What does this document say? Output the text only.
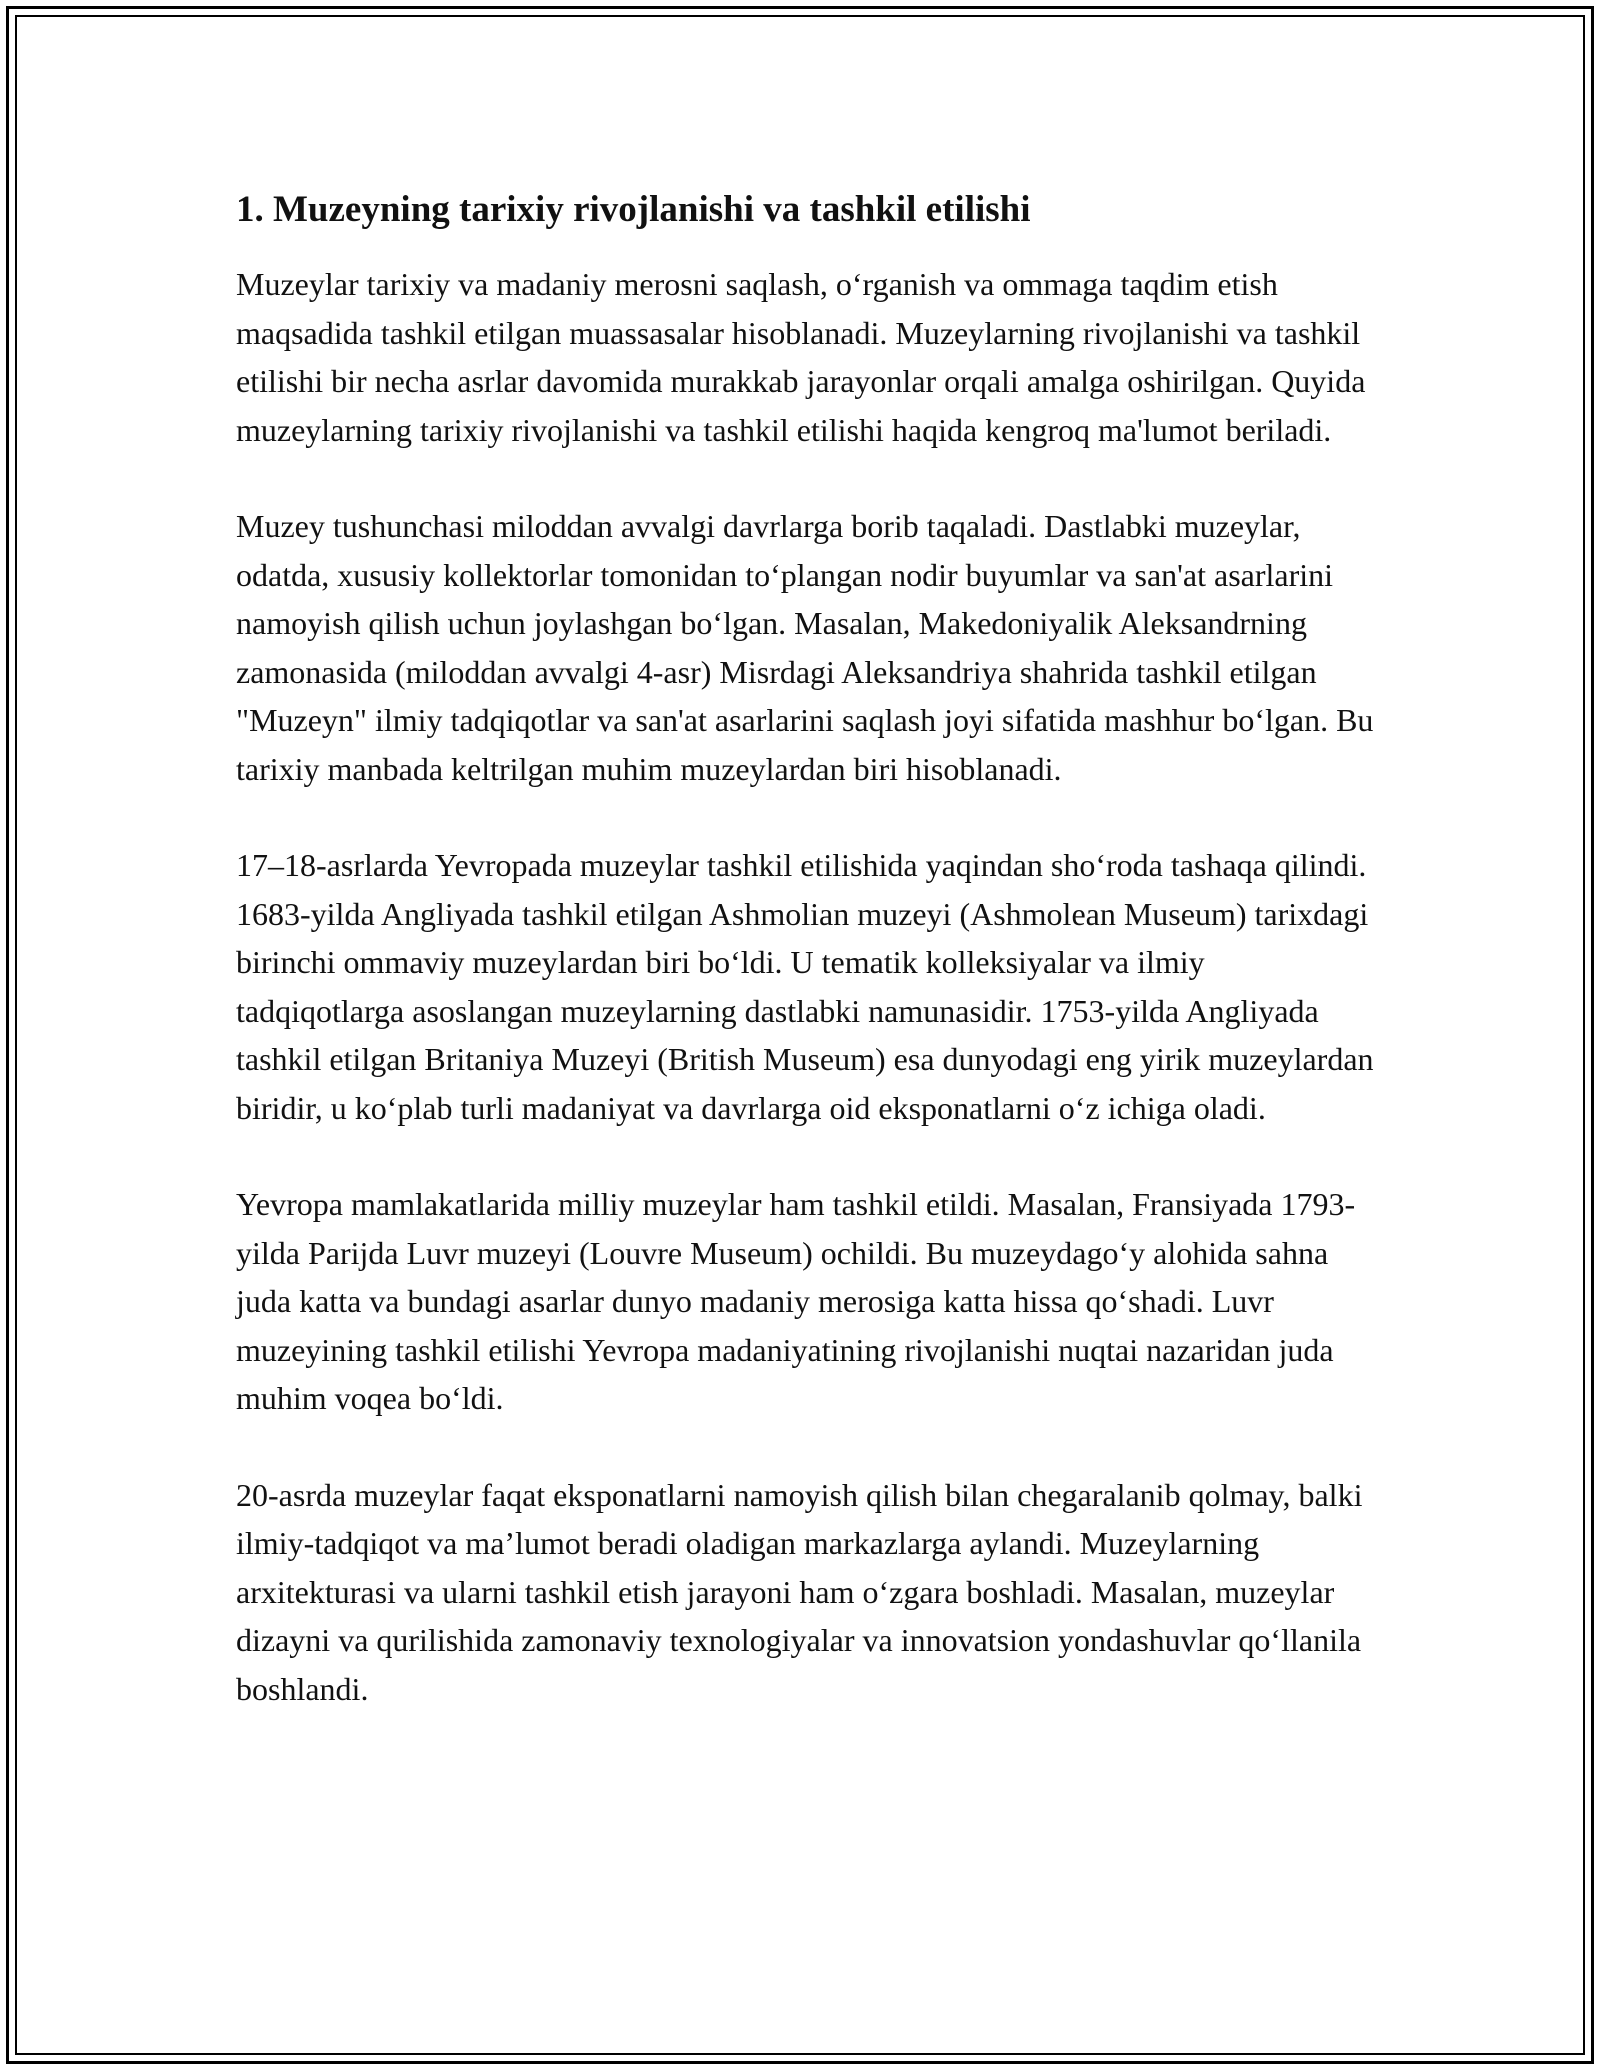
1. Muzeyning tarixiy rivojlanishi va tashkil etilishi

Muzeylar tarixiy va madaniy merosni saqlash, o‘rganish va ommaga taqdim etish maqsadida tashkil etilgan muassasalar hisoblanadi. Muzeylarning rivojlanishi va tashkil etilishi bir necha asrlar davomida murakkab jarayonlar orqali amalga oshirilgan. Quyida muzeylarning tarixiy rivojlanishi va tashkil etilishi haqida kengroq ma'lumot beriladi.

Muzey tushunchasi miloddan avvalgi davrlarga borib taqaladi. Dastlabki muzeylar, odatda, xususiy kollektorlar tomonidan to‘plangan nodir buyumlar va san'at asarlarini namoyish qilish uchun joylashgan bo‘lgan. Masalan, Makedoniyalik Aleksandrning zamonasida (miloddan avvalgi 4-asr) Misrdagi Aleksandriya shahrida tashkil etilgan "Muzeyn" ilmiy tadqiqotlar va san'at asarlarini saqlash joyi sifatida mashhur bo‘lgan. Bu tarixiy manbada keltrilgan muhim muzeylardan biri hisoblanadi.

17–18-asrlarda Yevropada muzeylar tashkil etilishida yaqindan sho‘roda tashaqa qilindi. 1683-yilda Angliyada tashkil etilgan Ashmolian muzeyi (Ashmolean Museum) tarixdagi birinchi ommaviy muzeylardan biri bo‘ldi. U tematik kolleksiyalar va ilmiy tadqiqotlarga asoslangan muzeylarning dastlabki namunasidir. 1753-yilda Angliyada tashkil etilgan Britaniya Muzeyi (British Museum) esa dunyodagi eng yirik muzeylardan biridir, u ko‘plab turli madaniyat va davrlarga oid eksponatlarni o‘z ichiga oladi.

Yevropa mamlakatlarida milliy muzeylar ham tashkil etildi. Masalan, Fransiyada 1793-yilda Parijda Luvr muzeyi (Louvre Museum) ochildi. Bu muzeydago‘y alohida sahna juda katta va bundagi asarlar dunyo madaniy merosiga katta hissa qo‘shadi. Luvr muzeyining tashkil etilishi Yevropa madaniyatining rivojlanishi nuqtai nazaridan juda muhim voqea bo‘ldi.

20-asrda muzeylar faqat eksponatlarni namoyish qilish bilan chegaralanib qolmay, balki ilmiy-tadqiqot va ma’lumot beradi oladigan markazlarga aylandi. Muzeylarning arxitekturasi va ularni tashkil etish jarayoni ham o‘zgara boshladi. Masalan, muzeylar dizayni va qurilishida zamonaviy texnologiyalar va innovatsion yondashuvlar qo‘llanila boshlandi.
